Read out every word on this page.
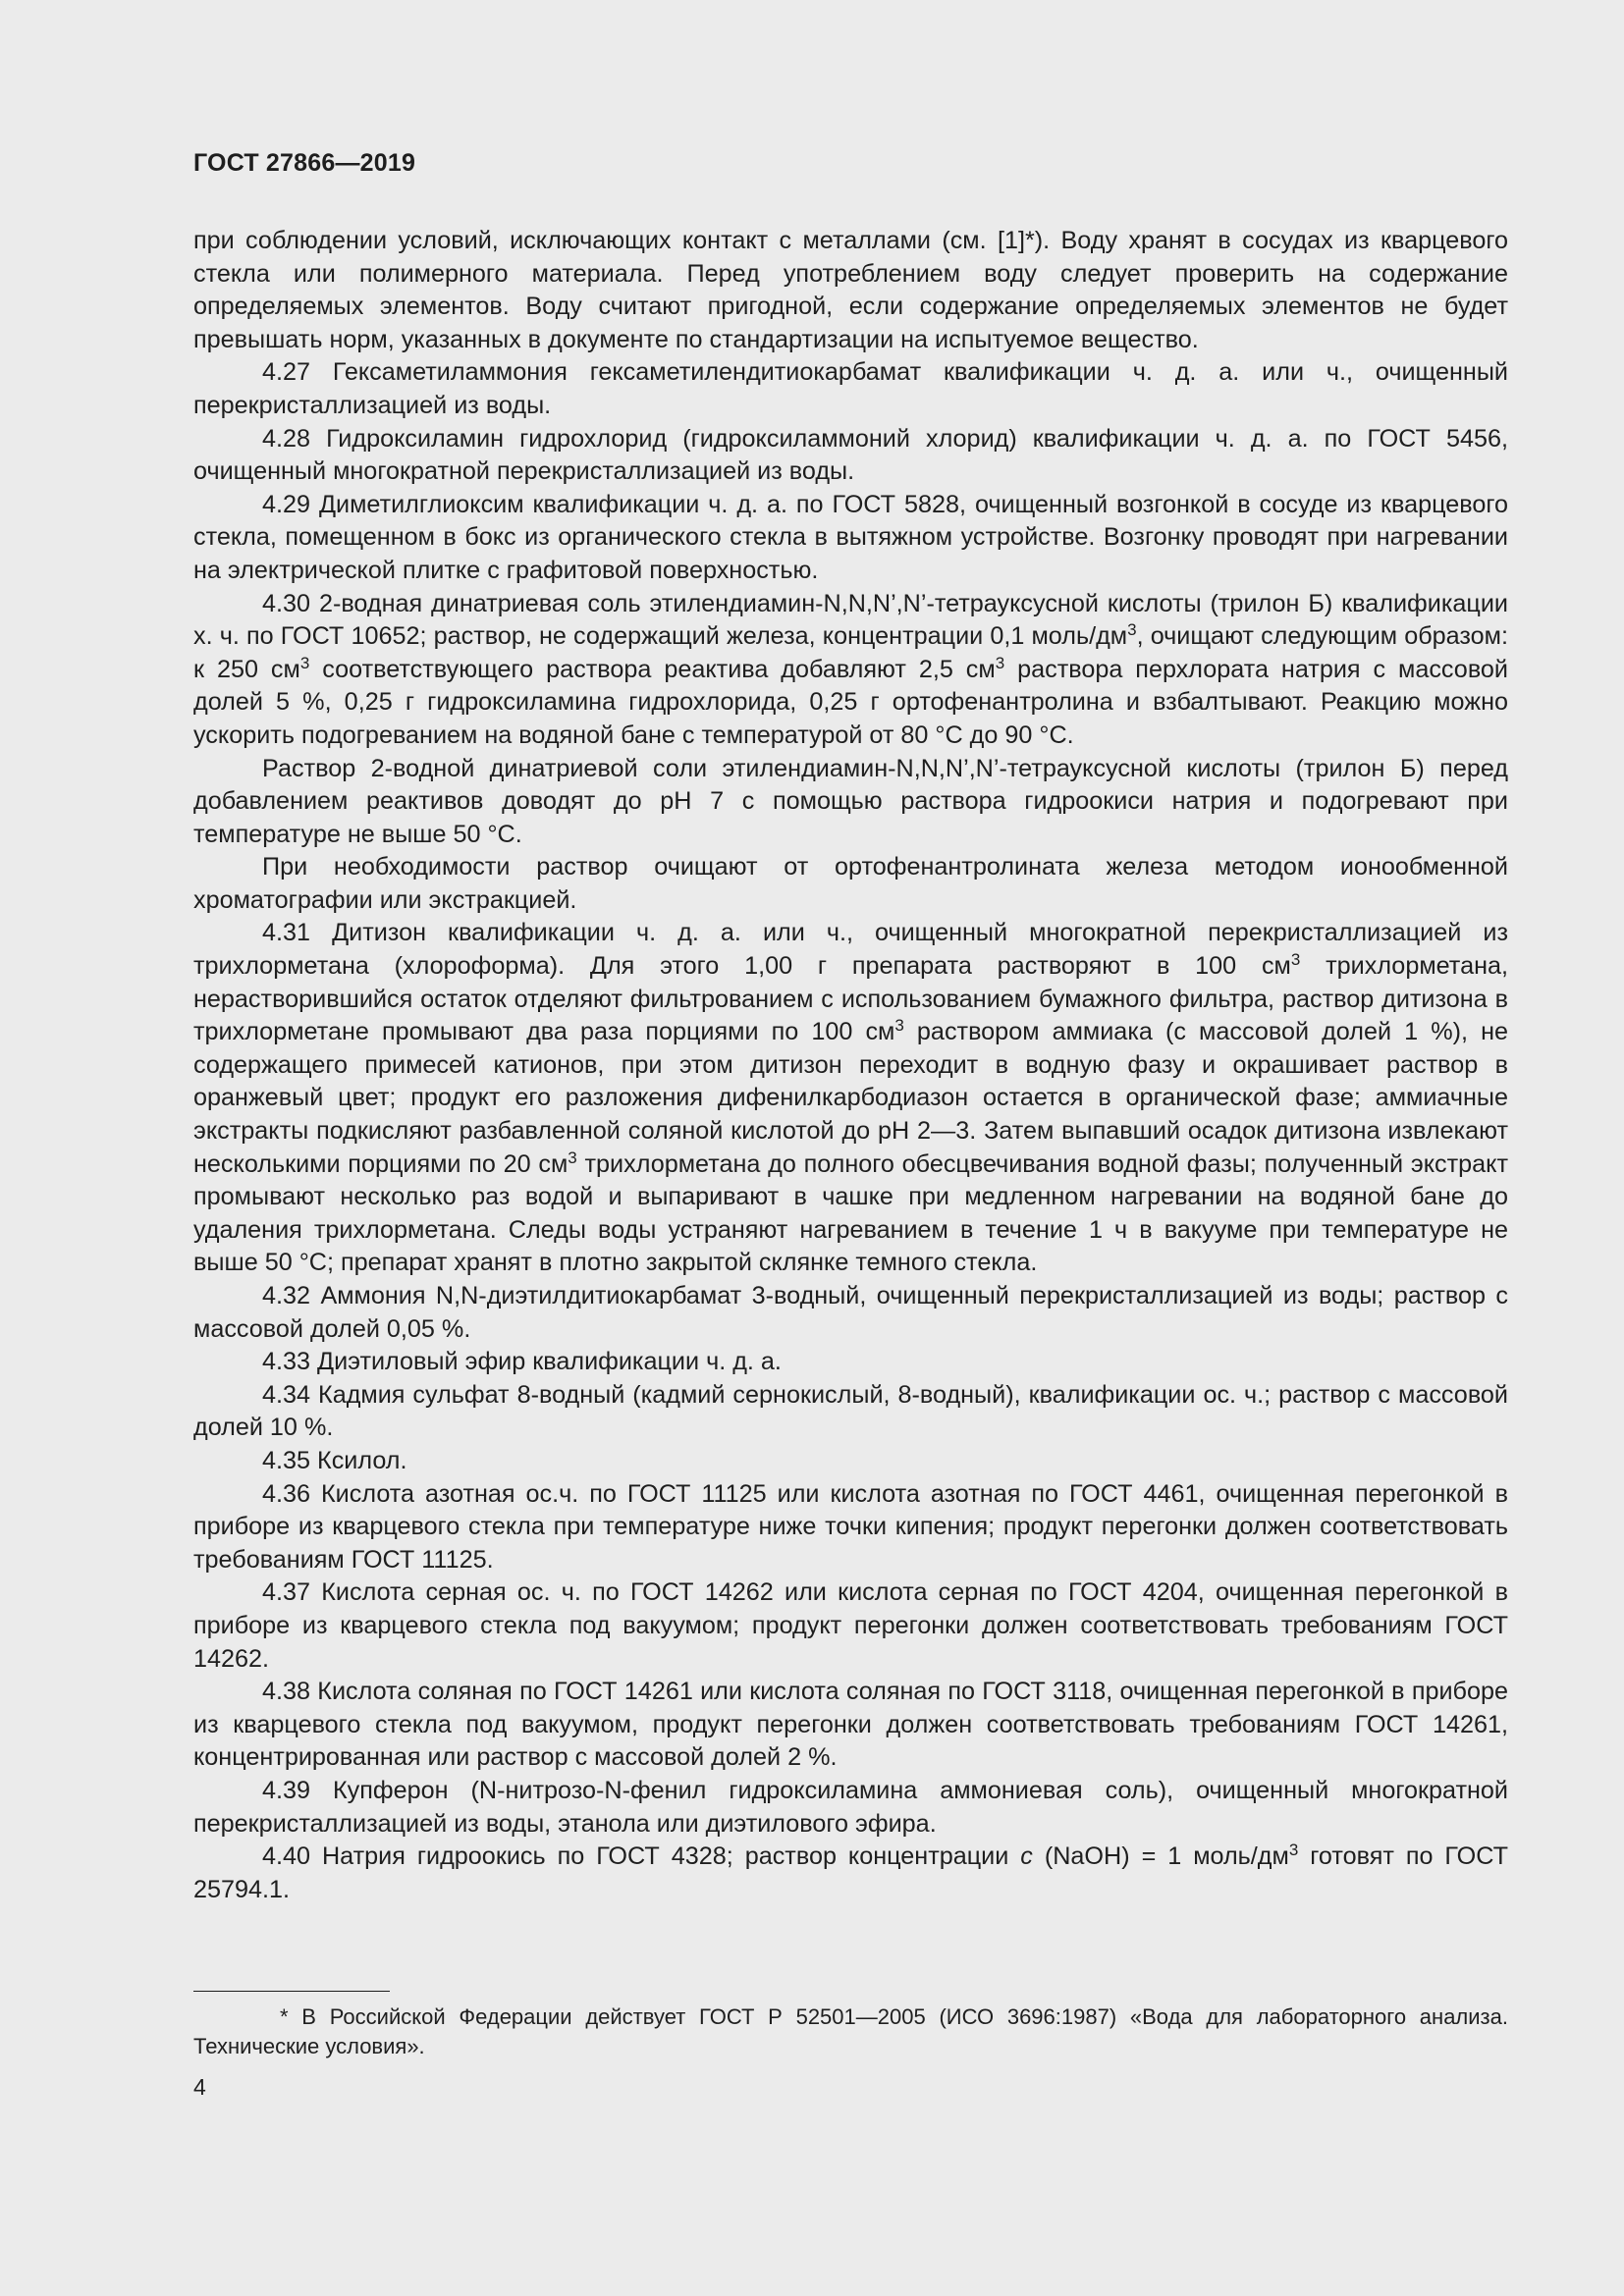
ГОСТ 27866—2019

при соблюдении условий, исключающих контакт с металлами (см. [1]*). Воду хранят в сосудах из кварцевого стекла или полимерного материала. Перед употреблением воду следует проверить на содержание определяемых элементов. Воду считают пригодной, если содержание определяемых элементов не будет превышать норм, указанных в документе по стандартизации на испытуемое вещество.

4.27 Гексаметиламмония гексаметилендитиокарбамат квалификации ч. д. а. или ч., очищенный перекристаллизацией из воды.

4.28 Гидроксиламин гидрохлорид (гидроксиламмоний хлорид) квалификации ч. д. а. по ГОСТ 5456, очищенный многократной перекристаллизацией из воды.

4.29 Диметилглиоксим квалификации ч. д. а. по ГОСТ 5828, очищенный возгонкой в сосуде из кварцевого стекла, помещенном в бокс из органического стекла в вытяжном устройстве. Возгонку проводят при нагревании на электрической плитке с графитовой поверхностью.

4.30 2-водная динатриевая соль этилендиамин-N,N,N’,N’-тетрауксусной кислоты (трилон Б) квалификации х. ч. по ГОСТ 10652; раствор, не содержащий железа, концентрации 0,1 моль/$дм^3$, очищают следующим образом: к 250 $см^3$ соответствующего раствора реактива добавляют 2,5 $см^3$ раствора перхлората натрия с массовой долей 5 %, 0,25 г гидроксиламина гидрохлорида, 0,25 г ортофенантролина и взбалтывают. Реакцию можно ускорить подогреванием на водяной бане с температурой от 80 °С до 90 °С.

Раствор 2-водной динатриевой соли этилендиамин-N,N,N’,N’-тетрауксусной кислоты (трилон Б) перед добавлением реактивов доводят до pH 7 с помощью раствора гидроокиси натрия и подогревают при температуре не выше 50 °С.

При необходимости раствор очищают от ортофенантролината железа методом ионообменной хроматографии или экстракцией.

4.31 Дитизон квалификации ч. д. а. или ч., очищенный многократной перекристаллизацией из трихлорметана (хлороформа). Для этого 1,00 г препарата растворяют в 100 $см^3$ трихлорметана, нерастворившийся остаток отделяют фильтрованием с использованием бумажного фильтра, раствор дитизона в трихлорметане промывают два раза порциями по 100 $см^3$ раствором аммиака (с массовой долей 1 %), не содержащего примесей катионов, при этом дитизон переходит в водную фазу и окрашивает раствор в оранжевый цвет; продукт его разложения дифенилкарбодиазон остается в органической фазе; аммиачные экстракты подкисляют разбавленной соляной кислотой до pH 2—3. Затем выпавший осадок дитизона извлекают несколькими порциями по 20 $см^3$ трихлорметана до полного обесцвечивания водной фазы; полученный экстракт промывают несколько раз водой и выпаривают в чашке при медленном нагревании на водяной бане до удаления трихлорметана. Следы воды устраняют нагреванием в течение 1 ч в вакууме при температуре не выше 50 °С; препарат хранят в плотно закрытой склянке темного стекла.

4.32 Аммония N,N-диэтилдитиокарбамат 3-водный, очищенный перекристаллизацией из воды; раствор с массовой долей 0,05 %.

4.33 Диэтиловый эфир квалификации ч. д. а.

4.34 Кадмия сульфат 8-водный (кадмий сернокислый, 8-водный), квалификации ос. ч.; раствор с массовой долей 10 %.

4.35 Ксилол.

4.36 Кислота азотная ос.ч. по ГОСТ 11125 или кислота азотная по ГОСТ 4461, очищенная перегонкой в приборе из кварцевого стекла при температуре ниже точки кипения; продукт перегонки должен соответствовать требованиям ГОСТ 11125.

4.37 Кислота серная ос. ч. по ГОСТ 14262 или кислота серная по ГОСТ 4204, очищенная перегонкой в приборе из кварцевого стекла под вакуумом; продукт перегонки должен соответствовать требованиям ГОСТ 14262.

4.38 Кислота соляная по ГОСТ 14261 или кислота соляная по ГОСТ 3118, очищенная перегонкой в приборе из кварцевого стекла под вакуумом, продукт перегонки должен соответствовать требованиям ГОСТ 14261, концентрированная или раствор с массовой долей 2 %.

4.39 Купферон (N-нитрозо-N-фенил гидроксиламина аммониевая соль), очищенный многократной перекристаллизацией из воды, этанола или диэтилового эфира.

4.40 Натрия гидроокись по ГОСТ 4328; раствор концентрации c (NaOH) = 1 моль/$дм^3$ готовят по ГОСТ 25794.1.

* В Российской Федерации действует ГОСТ Р 52501—2005 (ИСО 3696:1987) «Вода для лабораторного анализа. Технические условия».

4
